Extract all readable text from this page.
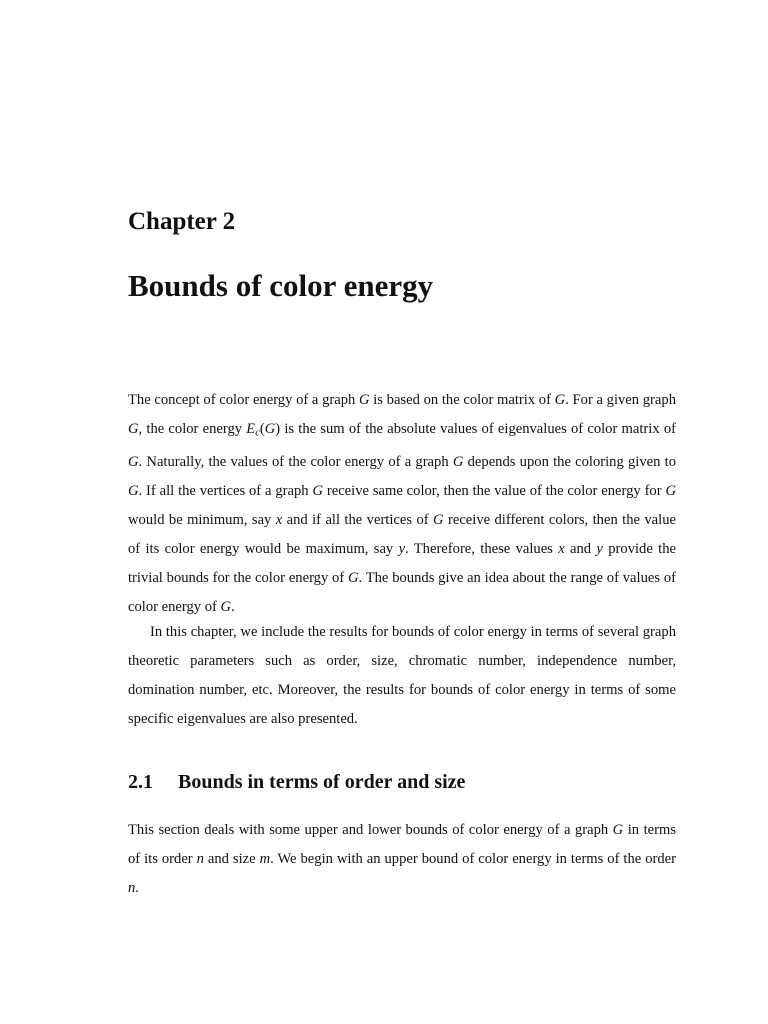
Chapter 2
Bounds of color energy

The concept of color energy of a graph G is based on the color matrix of G. For a given graph G, the color energy $E_c(G)$ is the sum of the absolute values of eigenvalues of color matrix of G. Naturally, the values of the color energy of a graph G depends upon the coloring given to G. If all the vertices of a graph G receive same color, then the value of the color energy for G would be minimum, say x and if all the vertices of G receive different colors, then the value of its color energy would be maximum, say y. Therefore, these values x and y provide the trivial bounds for the color energy of G. The bounds give an idea about the range of values of color energy of G.

In this chapter, we include the results for bounds of color energy in terms of several graph theoretic parameters such as order, size, chromatic number, independence number, domination number, etc. Moreover, the results for bounds of color energy in terms of some specific eigenvalues are also presented.

2.1 Bounds in terms of order and size

This section deals with some upper and lower bounds of color energy of a graph G in terms of its order n and size m. We begin with an upper bound of color energy in terms of the order n.
